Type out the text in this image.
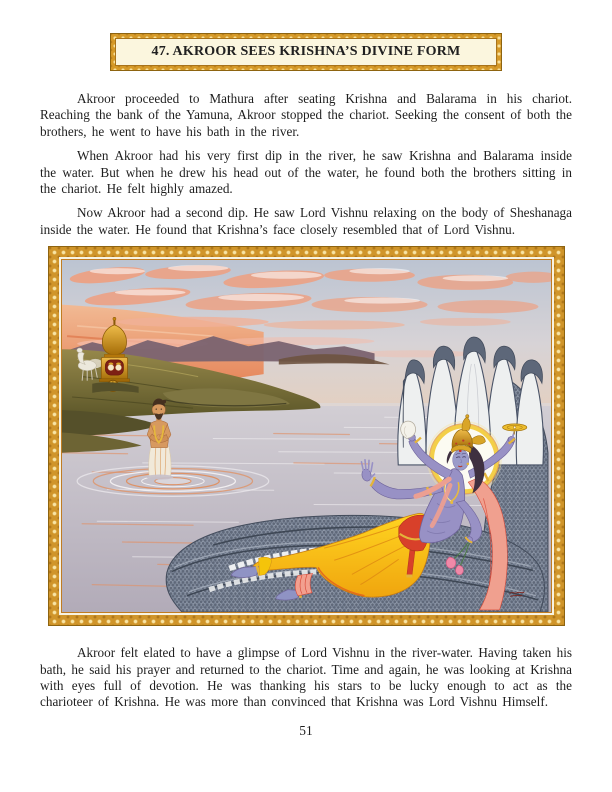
47. AKROOR SEES KRISHNA’S DIVINE FORM

Akroor proceeded to Mathura after seating Krishna and Balarama in his chariot. Reaching the bank of the Yamuna, Akroor stopped the chariot. Seeking the consent of both the brothers, he went to have his bath in the river.

When Akroor had his very first dip in the river, he saw Krishna and Balarama inside the water. But when he drew his head out of the water, he found both the brothers sitting in the chariot. He felt highly amazed.

Now Akroor had a second dip. He saw Lord Vishnu relaxing on the body of Sheshanaga inside the water. He found that Krishna’s face closely resembled that of Lord Vishnu.

Akroor felt elated to have a glimpse of Lord Vishnu in the river-water. Having taken his bath, he said his prayer and returned to the chariot. Time and again, he was looking at Krishna with eyes full of devotion. He was thanking his stars to be lucky enough to act as the charioteer of Krishna. He was more than convinced that Krishna was Lord Vishnu Himself.

51
